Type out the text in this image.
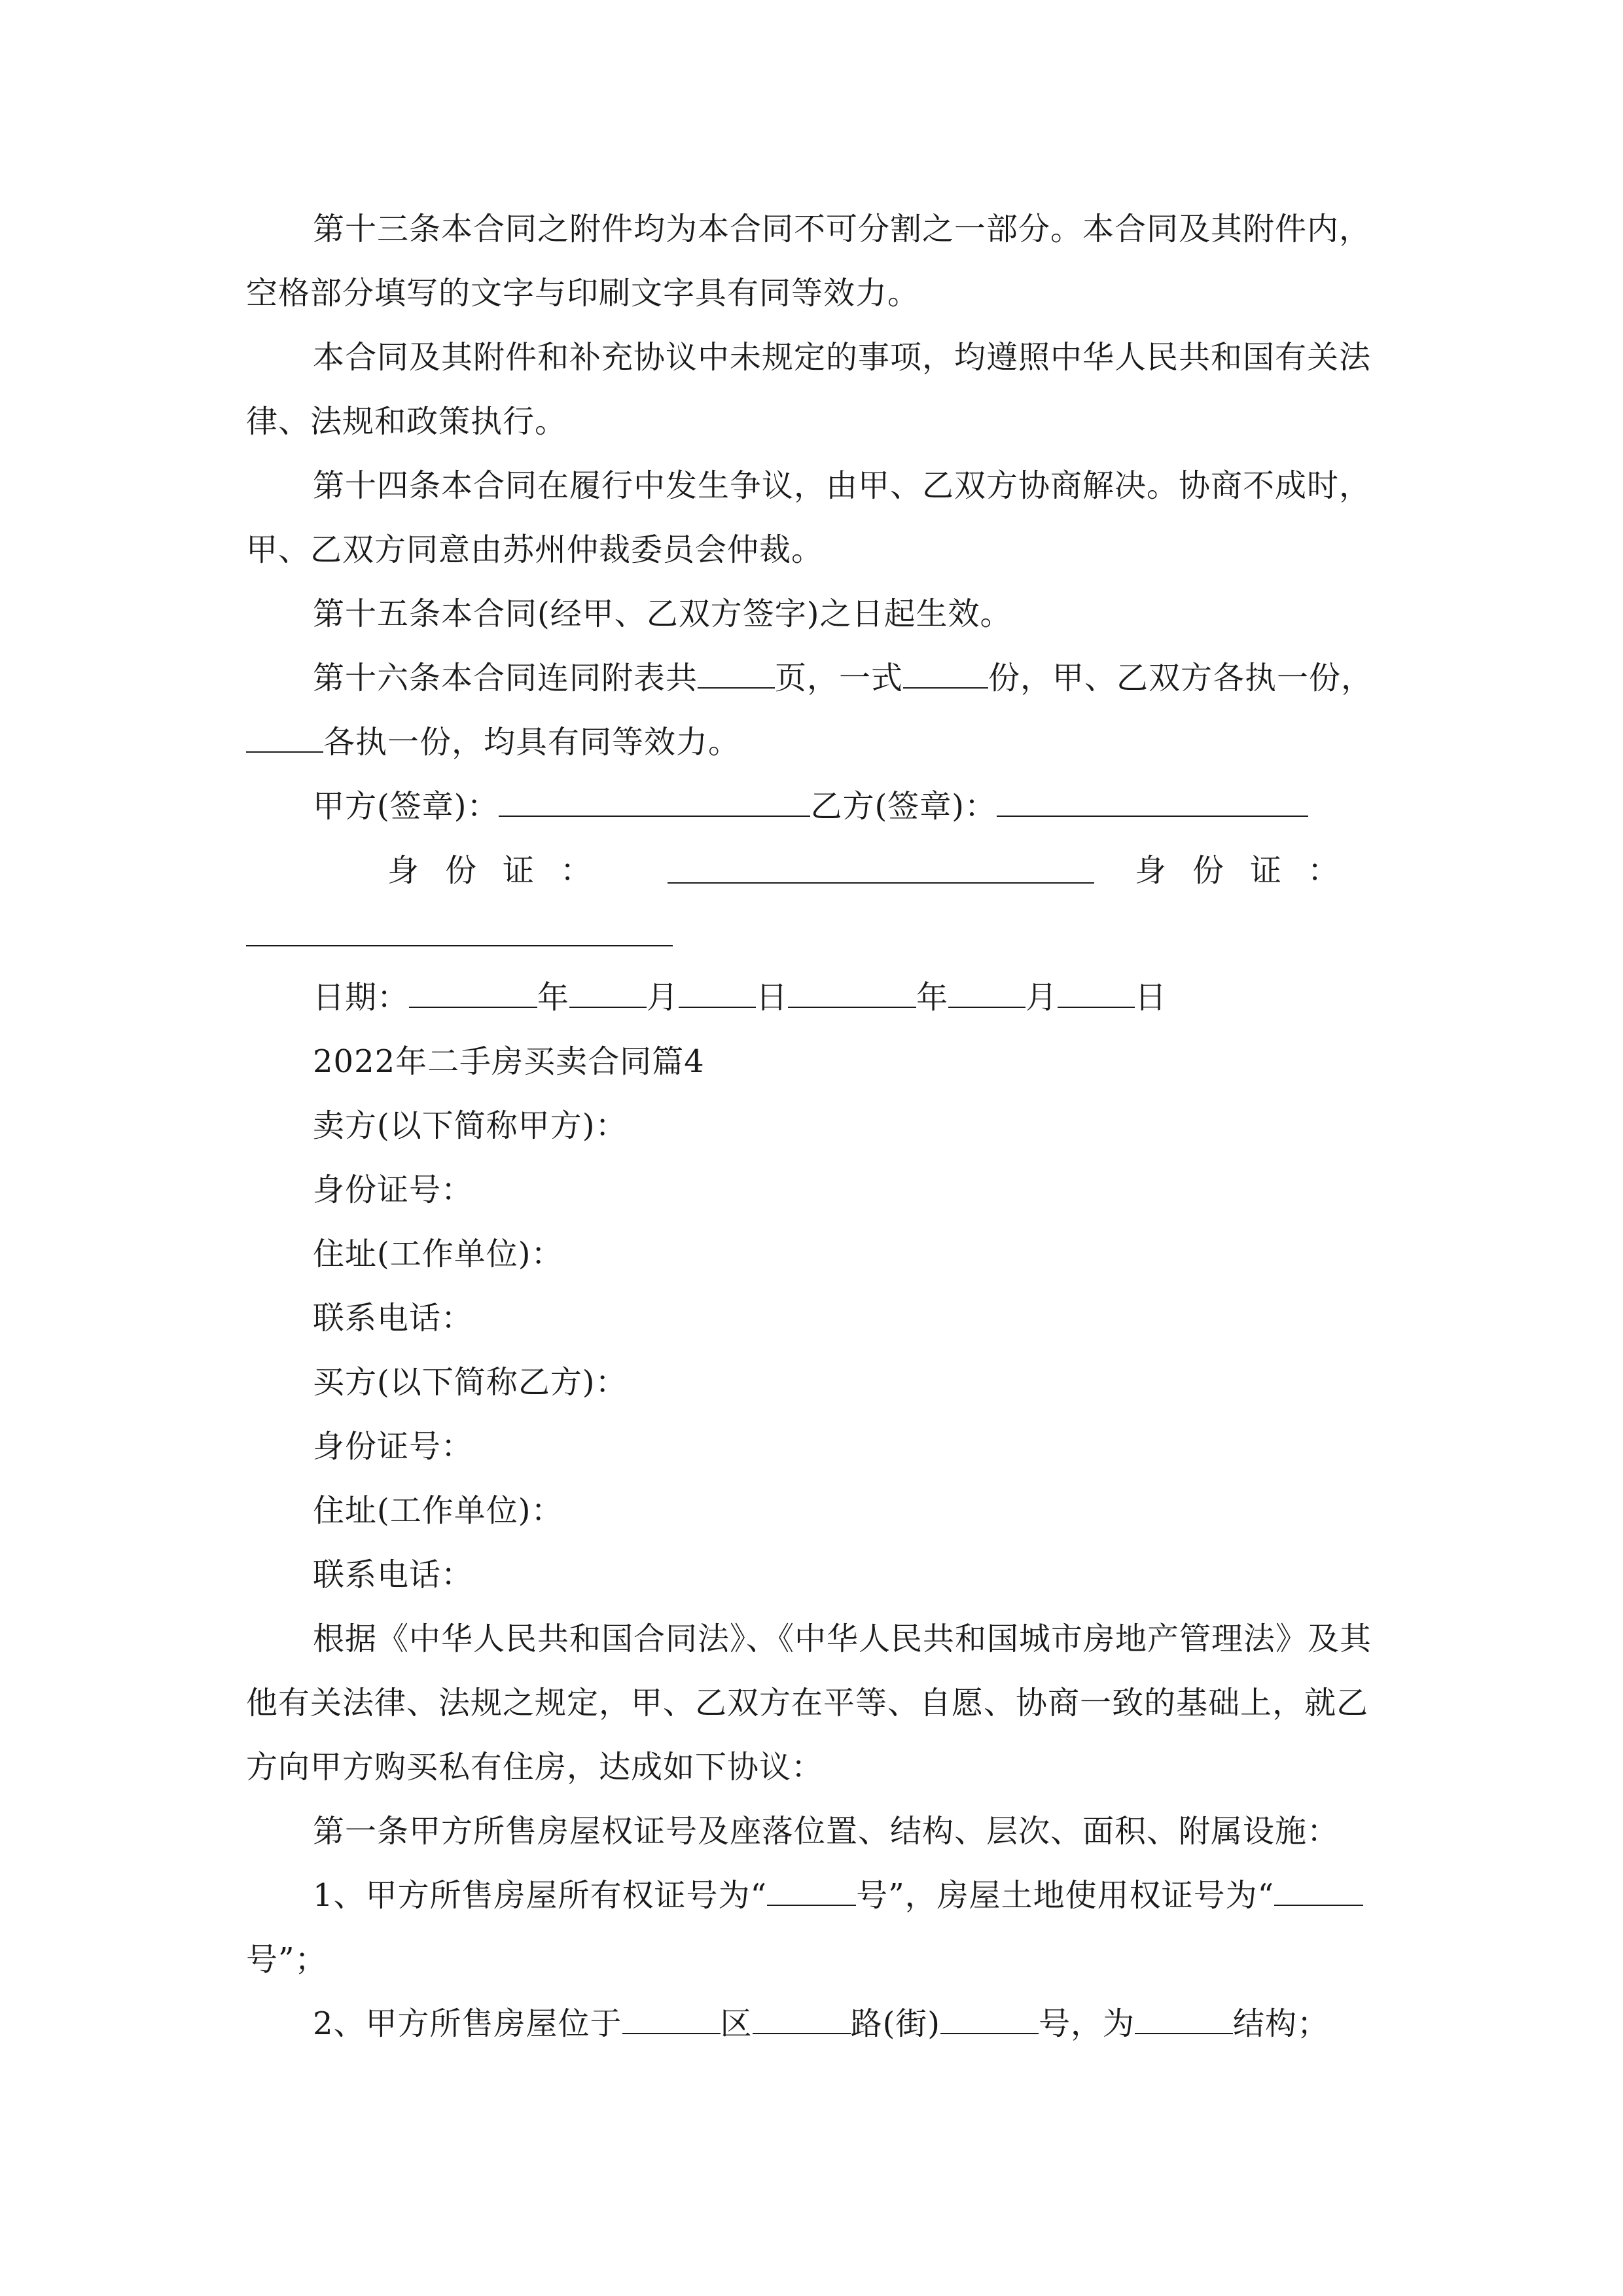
第十三条本合同之附件均为本合同不可分割之一部分。本合同及其附件内，
空格部分填写的文字与印刷文字具有同等效力。
本合同及其附件和补充协议中未规定的事项，均遵照中华人民共和国有关法
律、法规和政策执行。
第十四条本合同在履行中发生争议，由甲、乙双方协商解决。协商不成时，
甲、乙双方同意由苏州仲裁委员会仲裁。
第十五条本合同(经甲、乙双方签字)之日起生效。
第十六条本合同连同附表共 页，一式	份，甲、乙双方各执一份，
各执一份，均具有同等效力。
甲方(签章)：	乙方(签章)：
身份证：	身份证：
日期：	年 月 日	年 月 日
2022年二手房买卖合同篇4
卖方(以下简称甲方)：
身份证号：
住址(工作单位)：
联系电话：
买方(以下简称乙方)：
身份证号：
住址(工作单位)：
联系电话：
根据《中华人民共和国合同法》、《中华人民共和国城市房地产管理法》及其
他有关法律、法规之规定，甲、乙双方在平等、自愿、协商一致的基础上，就乙
方向甲方购买私有住房，达成如下协议：
第一条甲方所售房屋权证号及座落位置、结构、层次、面积、附属设施：
1、甲方所售房屋所有权证号为“	号”，房屋土地使用权证号为“
号”；
2、甲方所售房屋位于	区	路(街)	号，为	结构；
